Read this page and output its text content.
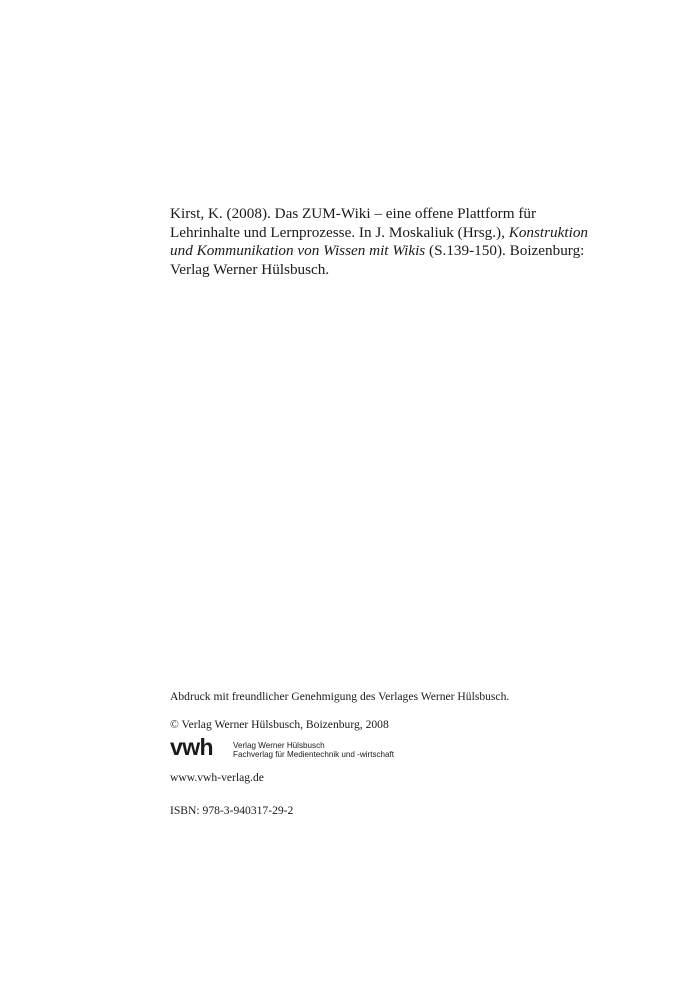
Kirst, K. (2008). Das ZUM-Wiki – eine offene Plattform für
Lehrinhalte und Lernprozesse. In J. Moskaliuk (Hrsg.), Konstruktion
und Kommunikation von Wissen mit Wikis (S.139-150). Boizenburg:
Verlag Werner Hülsbusch.
Abdruck mit freundlicher Genehmigung des Verlages Werner Hülsbusch.
© Verlag Werner Hülsbusch, Boizenburg, 2008
vwh Verlag Werner Hülsbusch
Fachverlag für Medientechnik und -wirtschaft
www.vwh-verlag.de
ISBN: 978-3-940317-29-2
